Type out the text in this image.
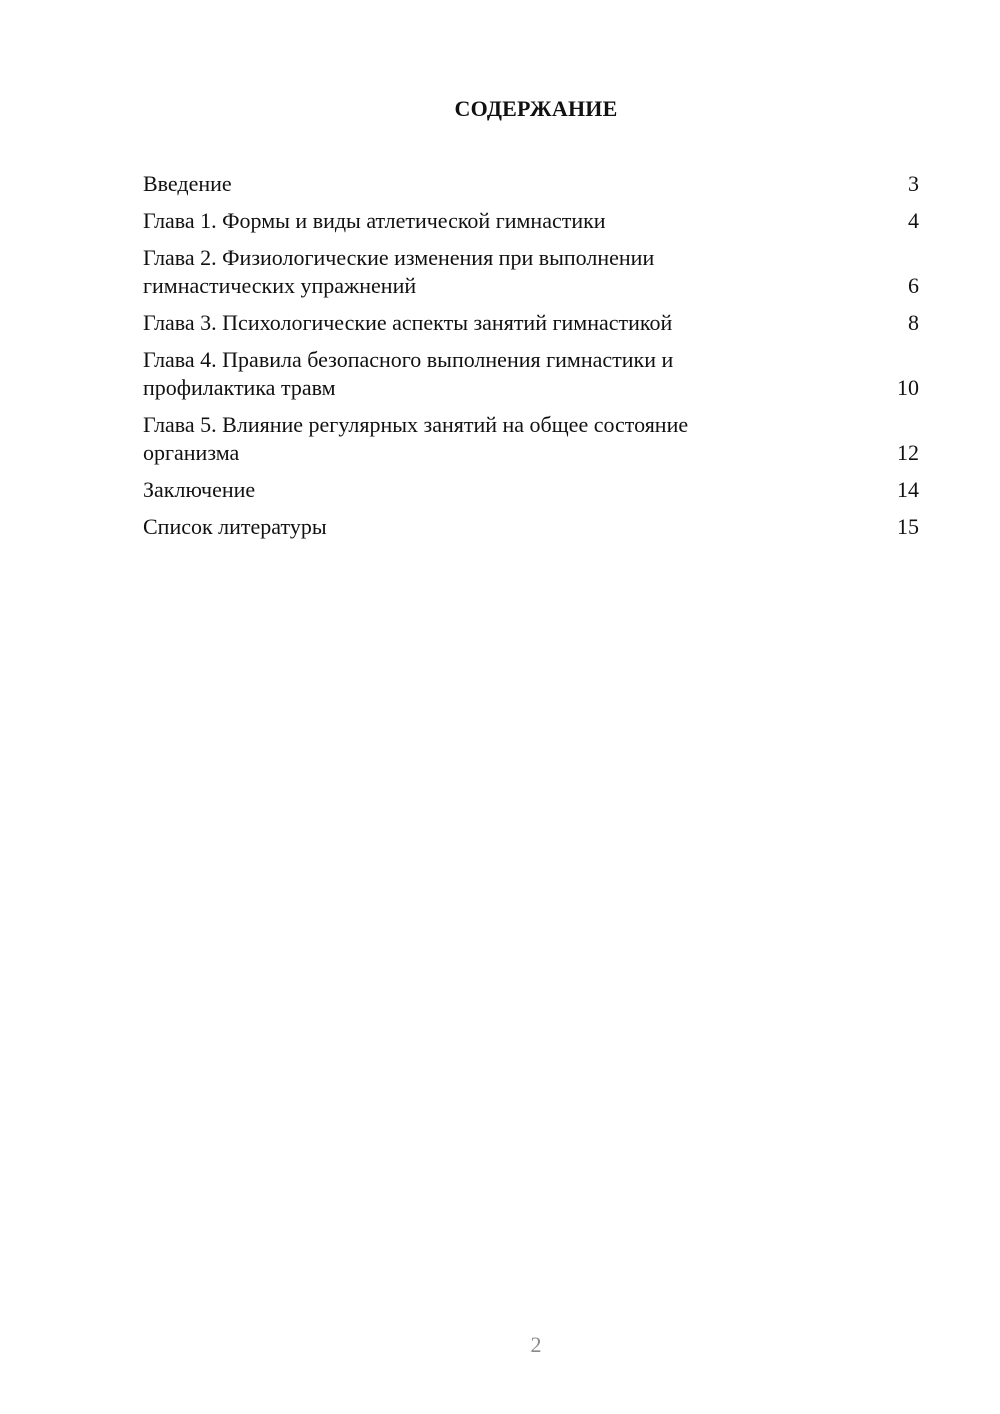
СОДЕРЖАНИЕ
Введение	3
Глава 1. Формы и виды атлетической гимнастики	4
Глава 2. Физиологические изменения при выполнении гимнастических упражнений	6
Глава 3. Психологические аспекты занятий гимнастикой	8
Глава 4. Правила безопасного выполнения гимнастики и профилактика травм	10
Глава 5. Влияние регулярных занятий на общее состояние организма	12
Заключение	14
Список литературы	15
2
